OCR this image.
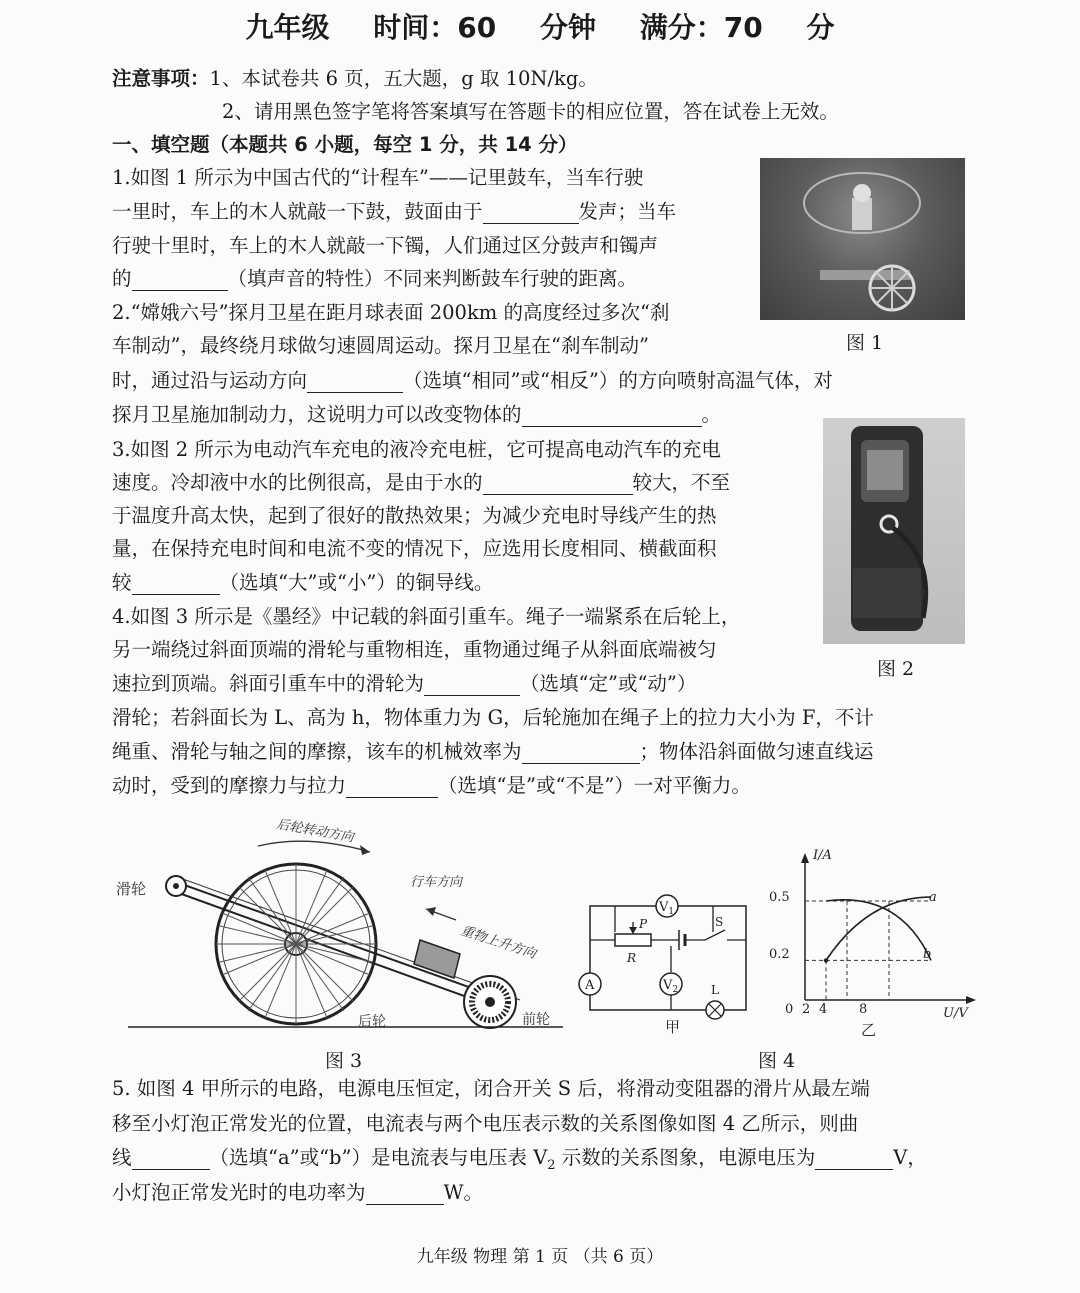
九年级 时间：60 分钟 满分：70 分
注意事项：1、本试卷共 6 页，五大题，g 取 10N/kg。
2、请用黑色签字笔将答案填写在答题卡的相应位置，答在试卷上无效。
一、填空题（本题共 6 小题，每空 1 分，共 14 分）
1.如图 1 所示为中国古代的“计程车”——记里鼓车，当车行驶
一里时，车上的木人就敲一下鼓，鼓面由于	发声；当车
行驶十里时，车上的木人就敲一下镯，人们通过区分鼓声和镯声
的	（填声音的特性）不同来判断鼓车行驶的距离。
2.“嫦娥六号”探月卫星在距月球表面 200km 的高度经过多次“刹
车制动”，最终绕月球做匀速圆周运动。探月卫星在“刹车制动”
时，通过沿与运动方向	（选填“相同”或“相反”）的方向喷射高温气体，对
探月卫星施加制动力，这说明力可以改变物体的	。
3.如图 2 所示为电动汽车充电的液冷充电桩，它可提高电动汽车的充电
速度。冷却液中水的比例很高，是由于水的	较大，不至
于温度升高太快，起到了很好的散热效果；为减少充电时导线产生的热
量，在保持充电时间和电流不变的情况下，应选用长度相同、横截面积
较	（选填“大”或“小”）的铜导线。
4.如图 3 所示是《墨经》中记载的斜面引重车。绳子一端紧系在后轮上，
另一端绕过斜面顶端的滑轮与重物相连，重物通过绳子从斜面底端被匀
速拉到顶端。斜面引重车中的滑轮为	（选填“定”或“动”）
滑轮；若斜面长为 L、高为 h，物体重力为 G，后轮施加在绳子上的拉力大小为 F，不计
绳重、滑轮与轴之间的摩擦，该车的机械效率为	；物体沿斜面做匀速直线运
动时，受到的摩擦力与拉力	（选填“是”或“不是”）一对平衡力。
图 1
图 2
滑轮
后轮	前轮
后轮转动方向
行车方向
重物上升方向
图 3
$V_1$
P
R
S
A	$V_2$	L
甲
I/A
U/V
0.5
0.2
0 2 4 8
a
b
乙
图 4
5. 如图 4 甲所示的电路，电源电压恒定，闭合开关 S 后，将滑动变阻器的滑片从最左端
移至小灯泡正常发光的位置，电流表与两个电压表示数的关系图像如图 4 乙所示，则曲
线	（选填“a”或“b”）是电流表与电压表 $V_2$ 示数的关系图象，电源电压为	V，
小灯泡正常发光时的电功率为	W。
九年级 物理 第 1 页 （共 6 页）
